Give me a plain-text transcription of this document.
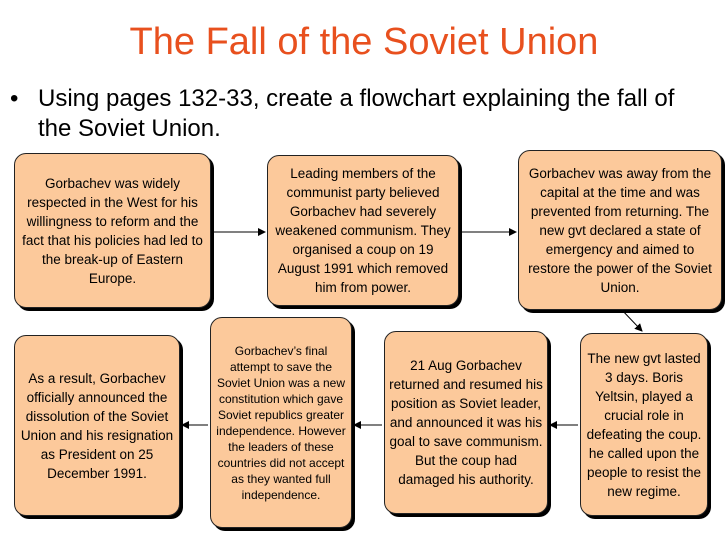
The Fall of the Soviet Union
• Using pages 132-33, create a flowchart explaining the fall of the Soviet Union.
Gorbachev was widely respected in the West for his willingness to reform and the fact that his policies had led to the break-up of Eastern Europe.
Leading members of the communist party believed Gorbachev had severely weakened communism. They organised a coup on 19 August 1991 which removed him from power.
Gorbachev was away from the capital at the time and was prevented from returning. The new gvt declared a state of emergency and aimed to restore the power of the Soviet Union.
The new gvt lasted 3 days. Boris Yeltsin, played a crucial role in defeating the coup. he called upon the people to resist the new regime.
21 Aug Gorbachev returned and resumed his position as Soviet leader, and announced it was his goal to save communism. But the coup had damaged his authority.
Gorbachev’s final attempt to save the Soviet Union was a new constitution which gave Soviet republics greater independence. However the leaders of these countries did not accept as they wanted full independence.
As a result, Gorbachev officially announced the dissolution of the Soviet Union and his resignation as President on 25 December 1991.
